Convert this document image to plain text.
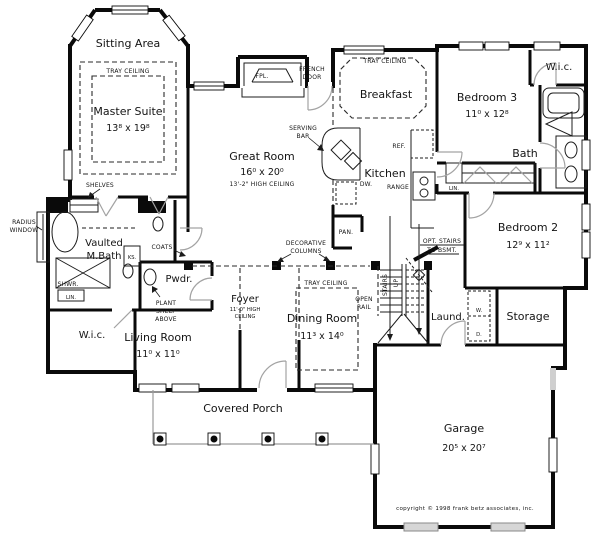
Sitting Area
TRAY CEILING
Master Suite
13⁸ x 19⁸
SHELVES
FPL.
FRENCH
DOOR
Great Room
16⁰ x 20⁰
13'-2" HIGH CEILING
SERVING
BAR
TRAY CEILING
Breakfast
Kitchen
DW.
REF.
RANGE
PAN.
Bedroom 3
11⁰ x 12⁸
W.i.c.
Bath
LIN.
Bedroom 2
12⁹ x 11²
RADIUS
WINDOW
Vaulted
M.Bath KS.
COATS
SHWR.
LIN.
Pwdr.
PLANT
SHELF
ABOVE
W.i.c. Living Room
11⁰ x 11⁰
Foyer
11'-0" HIGH
CEILING
DECORATIVE
COLUMNS
TRAY CEILING
Dining Room
11³ x 14⁰
STAIRS UP
OPT. STAIRS
TO BSMT.
OPEN
RAIL
Laund.
W.
D.
Storage
Covered Porch
Garage
20⁵ x 20⁷
copyright © 1998 frank betz associates, inc.
